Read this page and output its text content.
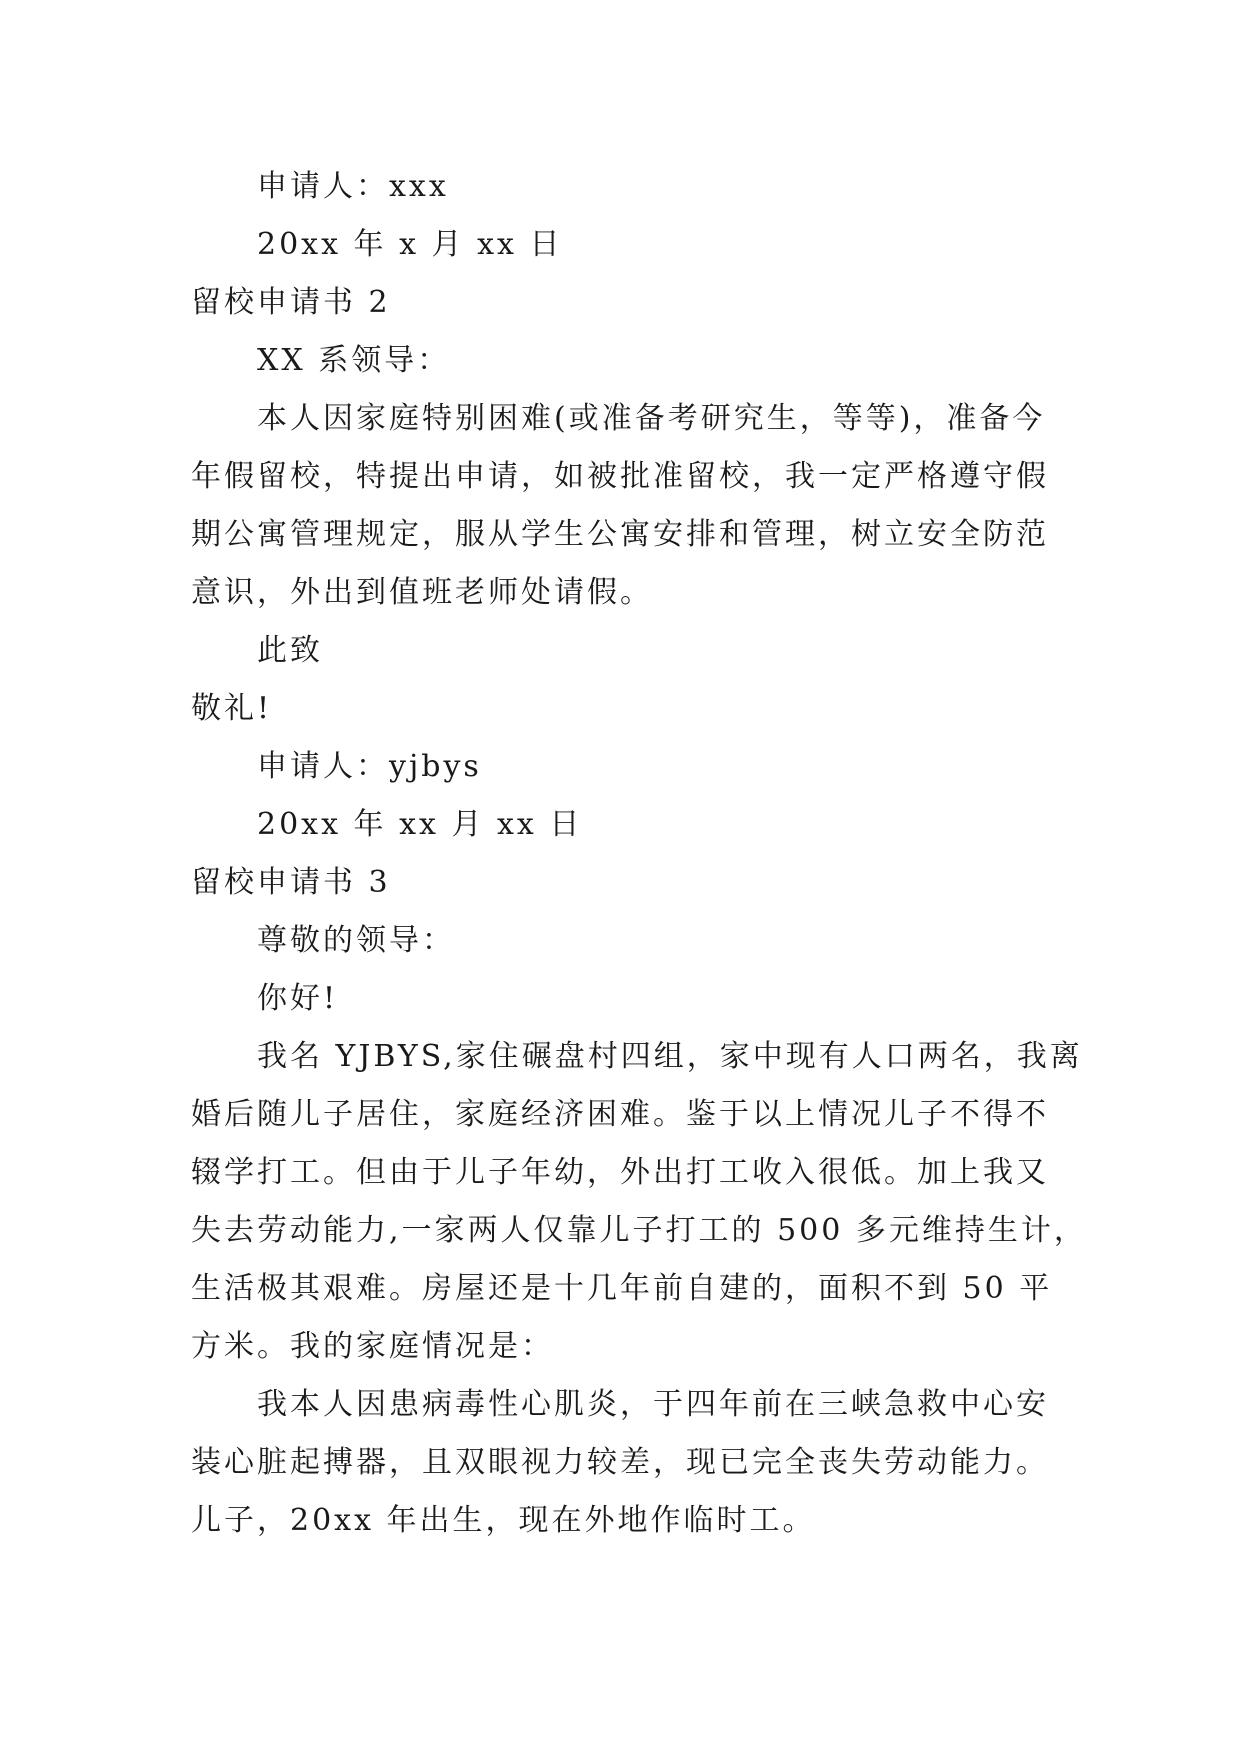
申请人：xxx
20xx 年 x 月 xx 日
留校申请书 2
XX 系领导：
本人因家庭特别困难(或准备考研究生，等等)，准备今
年假留校，特提出申请，如被批准留校，我一定严格遵守假
期公寓管理规定，服从学生公寓安排和管理，树立安全防范
意识，外出到值班老师处请假。
此致
敬礼!
申请人：yjbys
20xx 年 xx 月 xx 日
留校申请书 3
尊敬的领导：
你好!
我名 YJBYS,家住碾盘村四组，家中现有人口两名，我离
婚后随儿子居住，家庭经济困难。鉴于以上情况儿子不得不
辍学打工。但由于儿子年幼，外出打工收入很低。加上我又
失去劳动能力,一家两人仅靠儿子打工的 500 多元维持生计，
生活极其艰难。房屋还是十几年前自建的，面积不到 50 平
方米。我的家庭情况是：
我本人因患病毒性心肌炎，于四年前在三峡急救中心安
装心脏起搏器，且双眼视力较差，现已完全丧失劳动能力。
儿子，20xx 年出生，现在外地作临时工。
